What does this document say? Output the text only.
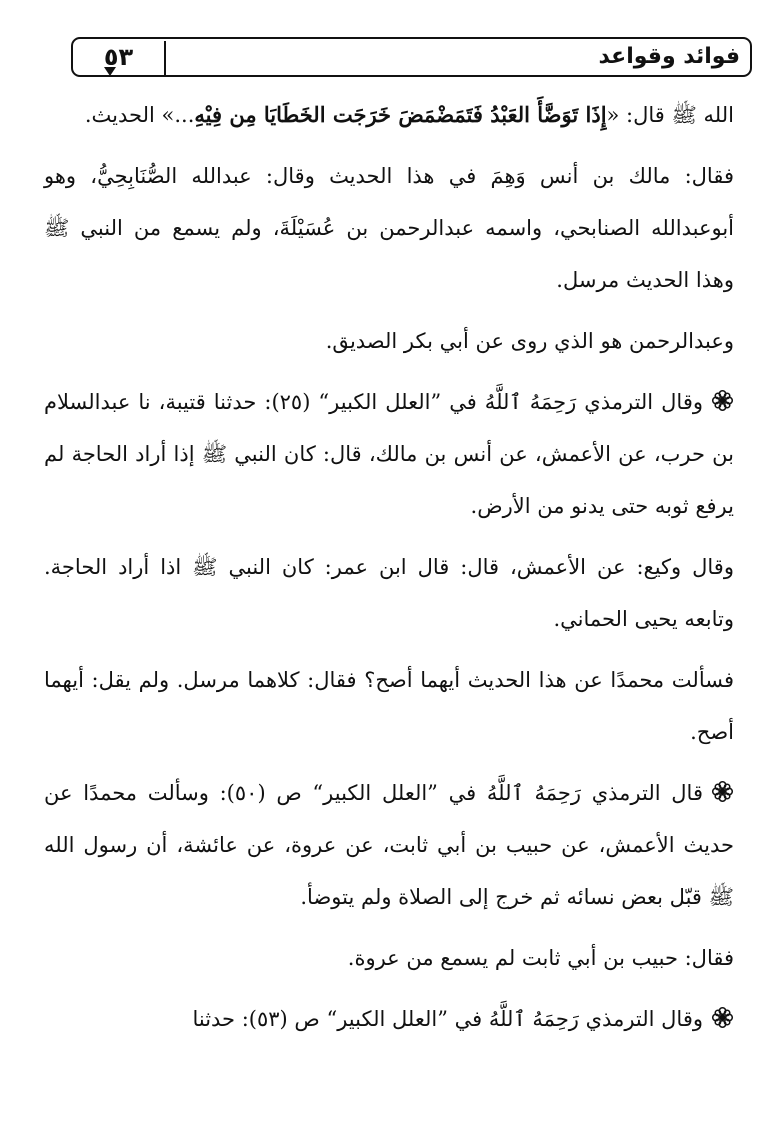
٥٣	فوائد وقواعد

الله ﷺ قال: «إِذَا تَوَضَّأَ العَبْدُ فَتَمَضْمَضَ خَرَجَت الخَطَايَا مِن فِيْهِ...» الحديث.

فقال: مالك بن أنس وَهِمَ في هذا الحديث وقال: عبدالله الصُّنَابِحِيُّ، وهو أبوعبدالله الصنابحي، واسمه عبدالرحمن بن عُسَيْلَةَ، ولم يسمع من النبي ﷺ وهذا الحديث مرسل.

وعبدالرحمن هو الذي روى عن أبي بكر الصديق.

وقال الترمذي رَحِمَهُ ٱللَّهُ في ”العلل الكبير“ (٢٥): حدثنا قتيبة، نا عبدالسلام بن حرب، عن الأعمش، عن أنس بن مالك، قال: كان النبي ﷺ إذا أراد الحاجة لم يرفع ثوبه حتى يدنو من الأرض.

وقال وكيع: عن الأعمش، قال: قال ابن عمر: كان النبي ﷺ اذا أراد الحاجة. وتابعه يحيى الحماني.

فسألت محمدًا عن هذا الحديث أيهما أصح؟ فقال: كلاهما مرسل. ولم يقل: أيهما أصح.

قال الترمذي رَحِمَهُ ٱللَّهُ في ”العلل الكبير“ ص (٥٠): وسألت محمدًا عن حديث الأعمش، عن حبيب بن أبي ثابت، عن عروة، عن عائشة، أن رسول الله ﷺ قبّل بعض نسائه ثم خرج إلى الصلاة ولم يتوضأ.

فقال: حبيب بن أبي ثابت لم يسمع من عروة.

وقال الترمذي رَحِمَهُ ٱللَّهُ في ”العلل الكبير“ ص (٥٣): حدثنا
